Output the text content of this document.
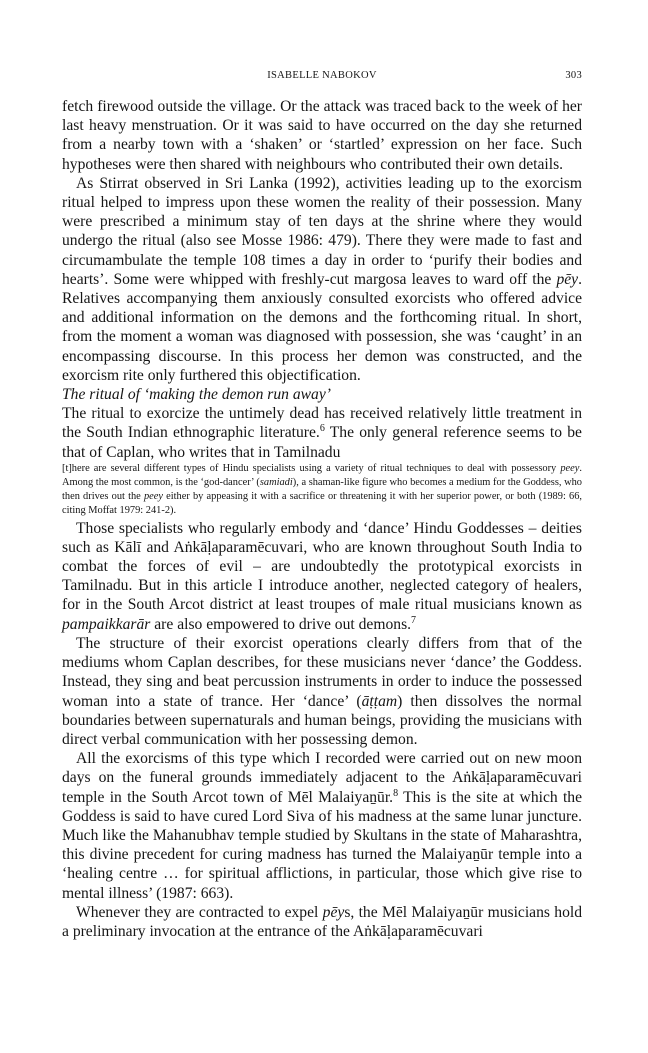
ISABELLE NABOKOV	303

fetch firewood outside the village. Or the attack was traced back to the week of her last heavy menstruation. Or it was said to have occurred on the day she returned from a nearby town with a ‘shaken’ or ‘startled’ expression on her face. Such hypotheses were then shared with neighbours who contributed their own details.

As Stirrat observed in Sri Lanka (1992), activities leading up to the exorcism ritual helped to impress upon these women the reality of their possession. Many were prescribed a minimum stay of ten days at the shrine where they would undergo the ritual (also see Mosse 1986: 479). There they were made to fast and circumambulate the temple 108 times a day in order to ‘purify their bodies and hearts’. Some were whipped with freshly-cut margosa leaves to ward off the pēy. Relatives accompanying them anxiously consulted exorcists who offered advice and additional information on the demons and the forthcoming ritual. In short, from the moment a woman was diagnosed with possession, she was ‘caught’ in an encompassing discourse. In this process her demon was constructed, and the exorcism rite only furthered this objectification.

The ritual of ‘making the demon run away’

The ritual to exorcize the untimely dead has received relatively little treatment in the South Indian ethnographic literature.$^6$ The only general reference seems to be that of Caplan, who writes that in Tamilnadu

[t]here are several different types of Hindu specialists using a variety of ritual techniques to deal with possessory peey. Among the most common, is the ‘god-dancer’ (samiadi), a shaman-like figure who becomes a medium for the Goddess, who then drives out the peey either by appeasing it with a sacrifice or threatening it with her superior power, or both (1989: 66, citing Moffat 1979: 241-2).

Those specialists who regularly embody and ‘dance’ Hindu Goddesses – deities such as Kālī and Aṅkāḷaparamēcuvari, who are known throughout South India to combat the forces of evil – are undoubtedly the prototypical exorcists in Tamilnadu. But in this article I introduce another, neglected category of healers, for in the South Arcot district at least troupes of male ritual musicians known as pampaikkarār are also empowered to drive out demons.$^7$

The structure of their exorcist operations clearly differs from that of the mediums whom Caplan describes, for these musicians never ‘dance’ the Goddess. Instead, they sing and beat percussion instruments in order to induce the possessed woman into a state of trance. Her ‘dance’ (āṭṭam) then dissolves the normal boundaries between supernaturals and human beings, providing the musicians with direct verbal communication with her possessing demon.

All the exorcisms of this type which I recorded were carried out on new moon days on the funeral grounds immediately adjacent to the Aṅkāḷaparamēcuvari temple in the South Arcot town of Mēl Malaiyaṉūr.$^8$ This is the site at which the Goddess is said to have cured Lord Siva of his madness at the same lunar juncture. Much like the Mahanubhav temple studied by Skultans in the state of Maharashtra, this divine precedent for curing madness has turned the Malaiyaṉūr temple into a ‘healing centre … for spiritual afflictions, in particular, those which give rise to mental illness’ (1987: 663).

Whenever they are contracted to expel pēys, the Mēl Malaiyaṉūr musicians hold a preliminary invocation at the entrance of the Aṅkāḷaparamēcuvari
